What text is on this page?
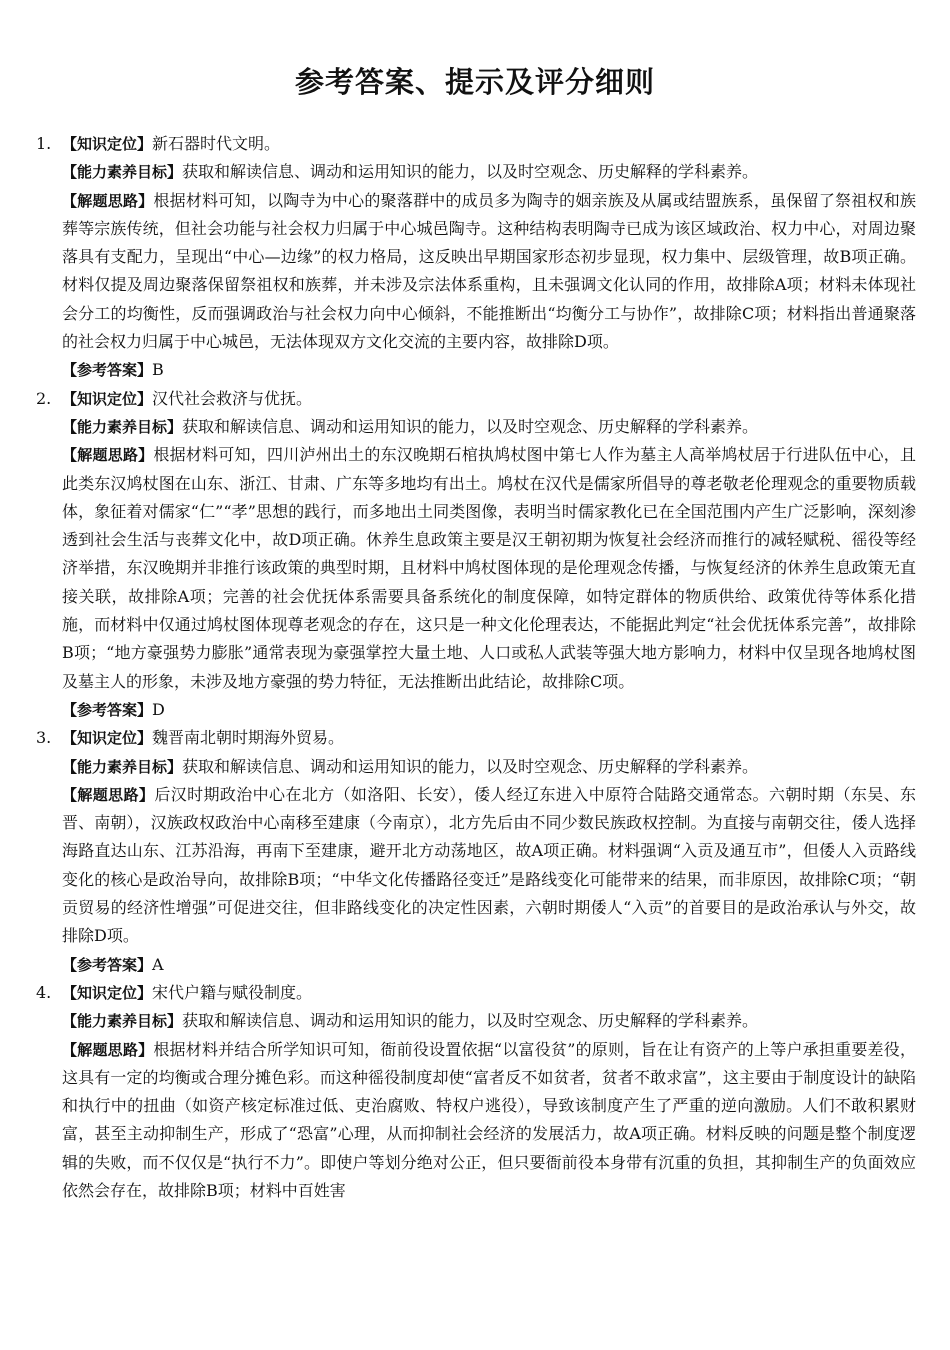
参考答案、提示及评分细则

1. 【知识定位】新石器时代文明。

【能力素养目标】获取和解读信息、调动和运用知识的能力，以及时空观念、历史解释的学科素养。

【解题思路】根据材料可知，以陶寺为中心的聚落群中的成员多为陶寺的姻亲族及从属或结盟族系，虽保留了祭祖权和族葬等宗族传统，但社会功能与社会权力归属于中心城邑陶寺。这种结构表明陶寺已成为该区域政治、权力中心，对周边聚落具有支配力，呈现出“中心—边缘”的权力格局，这反映出早期国家形态初步显现，权力集中、层级管理，故B项正确。材料仅提及周边聚落保留祭祖权和族葬，并未涉及宗法体系重构，且未强调文化认同的作用，故排除A项；材料未体现社会分工的均衡性，反而强调政治与社会权力向中心倾斜，不能推断出“均衡分工与协作”，故排除C项；材料指出普通聚落的社会权力归属于中心城邑，无法体现双方文化交流的主要内容，故排除D项。

【参考答案】B

2. 【知识定位】汉代社会救济与优抚。

【能力素养目标】获取和解读信息、调动和运用知识的能力，以及时空观念、历史解释的学科素养。

【解题思路】根据材料可知，四川泸州出土的东汉晚期石棺执鸠杖图中第七人作为墓主人高举鸠杖居于行进队伍中心，且此类东汉鸠杖图在山东、浙江、甘肃、广东等多地均有出土。鸠杖在汉代是儒家所倡导的尊老敬老伦理观念的重要物质载体，象征着对儒家“仁”“孝”思想的践行，而多地出土同类图像，表明当时儒家教化已在全国范围内产生广泛影响，深刻渗透到社会生活与丧葬文化中，故D项正确。休养生息政策主要是汉王朝初期为恢复社会经济而推行的减轻赋税、徭役等经济举措，东汉晚期并非推行该政策的典型时期，且材料中鸠杖图体现的是伦理观念传播，与恢复经济的休养生息政策无直接关联，故排除A项；完善的社会优抚体系需要具备系统化的制度保障，如特定群体的物质供给、政策优待等体系化措施，而材料中仅通过鸠杖图体现尊老观念的存在，这只是一种文化伦理表达，不能据此判定“社会优抚体系完善”，故排除B项；“地方豪强势力膨胀”通常表现为豪强掌控大量土地、人口或私人武装等强大地方影响力，材料中仅呈现各地鸠杖图及墓主人的形象，未涉及地方豪强的势力特征，无法推断出此结论，故排除C项。

【参考答案】D

3. 【知识定位】魏晋南北朝时期海外贸易。

【能力素养目标】获取和解读信息、调动和运用知识的能力，以及时空观念、历史解释的学科素养。

【解题思路】后汉时期政治中心在北方（如洛阳、长安），倭人经辽东进入中原符合陆路交通常态。六朝时期（东吴、东晋、南朝），汉族政权政治中心南移至建康（今南京），北方先后由不同少数民族政权控制。为直接与南朝交往，倭人选择海路直达山东、江苏沿海，再南下至建康，避开北方动荡地区，故A项正确。材料强调“入贡及通互市”，但倭人入贡路线变化的核心是政治导向，故排除B项；“中华文化传播路径变迁”是路线变化可能带来的结果，而非原因，故排除C项；“朝贡贸易的经济性增强”可促进交往，但非路线变化的决定性因素，六朝时期倭人“入贡”的首要目的是政治承认与外交，故排除D项。

【参考答案】A

4. 【知识定位】宋代户籍与赋役制度。

【能力素养目标】获取和解读信息、调动和运用知识的能力，以及时空观念、历史解释的学科素养。

【解题思路】根据材料并结合所学知识可知，衙前役设置依据“以富役贫”的原则，旨在让有资产的上等户承担重要差役，这具有一定的均衡或合理分摊色彩。而这种徭役制度却使“富者反不如贫者，贫者不敢求富”，这主要由于制度设计的缺陷和执行中的扭曲（如资产核定标准过低、吏治腐败、特权户逃役），导致该制度产生了严重的逆向激励。人们不敢积累财富，甚至主动抑制生产，形成了“恐富”心理，从而抑制社会经济的发展活力，故A项正确。材料反映的问题是整个制度逻辑的失败，而不仅仅是“执行不力”。即使户等划分绝对公正，但只要衙前役本身带有沉重的负担，其抑制生产的负面效应依然会存在，故排除B项；材料中百姓害
